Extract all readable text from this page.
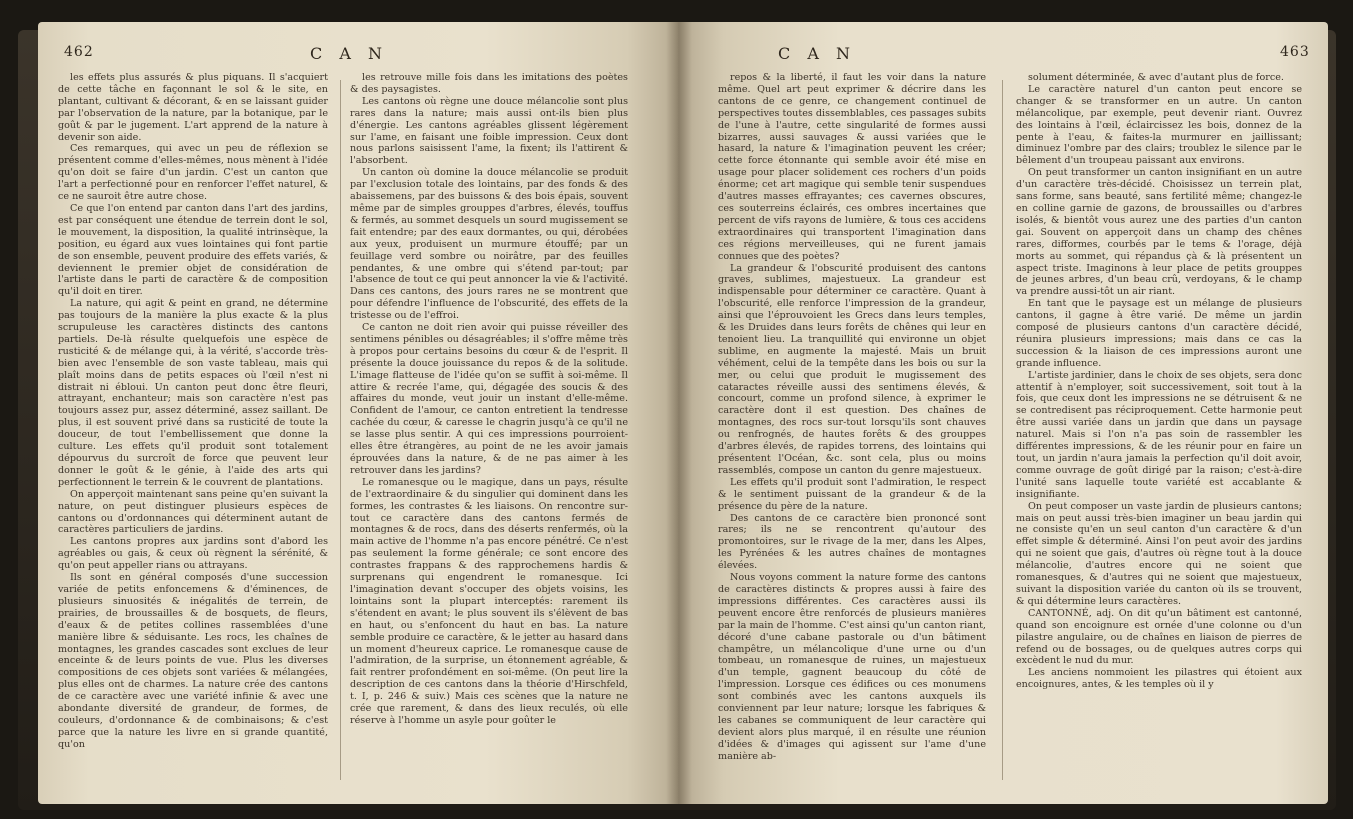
462	C A N

les effets plus assurés & plus piquans. Il s'acquiert de cette tâche en façonnant le sol & le site, en plantant, cultivant & décorant, & en se laissant guider par l'observation de la nature, par la botanique, par le goût & par le jugement. L'art apprend de la nature à devenir son aide.

Ces remarques, qui avec un peu de réflexion se présentent comme d'elles-mêmes, nous mènent à l'idée qu'on doit se faire d'un jardin. C'est un canton que l'art a perfectionné pour en renforcer l'effet naturel, & ce ne sauroit être autre chose.

Ce que l'on entend par canton dans l'art des jardins, est par conséquent une étendue de terrein dont le sol, le mouvement, la disposition, la qualité intrinsèque, la position, eu égard aux vues lointaines qui font partie de son ensemble, peuvent produire des effets variés, & deviennent le premier objet de considération de l'artiste dans le parti de caractère & de composition qu'il doit en tirer.

La nature, qui agit & peint en grand, ne détermine pas toujours de la manière la plus exacte & la plus scrupuleuse les caractères distincts des cantons partiels. De-là résulte quelquefois une espèce de rusticité & de mélange qui, à la vérité, s'accorde très-bien avec l'ensemble de son vaste tableau, mais qui plaît moins dans de petits espaces où l'œil n'est ni distrait ni ébloui. Un canton peut donc être fleuri, attrayant, enchanteur; mais son caractère n'est pas toujours assez pur, assez déterminé, assez saillant. De plus, il est souvent privé dans sa rusticité de toute la douceur, de tout l'embellissement que donne la culture. Les effets qu'il produit sont totalement dépourvus du surcroît de force que peuvent leur donner le goût & le génie, à l'aide des arts qui perfectionnent le terrein & le couvrent de plantations.

On apperçoit maintenant sans peine qu'en suivant la nature, on peut distinguer plusieurs espèces de cantons ou d'ordonnances qui déterminent autant de caractères particuliers de jardins.

Les cantons propres aux jardins sont d'abord les agréables ou gais, & ceux où règnent la sérénité, & qu'on peut appeller rians ou attrayans.

Ils sont en général composés d'une succession variée de petits enfoncemens & d'éminences, de plusieurs sinuosités & inégalités de terrein, de prairies, de broussailles & de bosquets, de fleurs, d'eaux & de petites collines rassemblées d'une manière libre & séduisante. Les rocs, les chaînes de montagnes, les grandes cascades sont exclues de leur enceinte & de leurs points de vue. Plus les diverses compositions de ces objets sont variées & mélangées, plus elles ont de charmes. La nature crée des cantons de ce caractère avec une variété infinie & avec une abondante diversité de grandeur, de formes, de couleurs, d'ordonnance & de combinaisons; & c'est parce que la nature les livre en si grande quantité, qu'on

les retrouve mille fois dans les imitations des poètes & des paysagistes.

Les cantons où règne une douce mélancolie sont plus rares dans la nature; mais aussi ont-ils bien plus d'énergie. Les cantons agréables glissent légèrement sur l'ame, en faisant une foible impression. Ceux dont nous parlons saisissent l'ame, la fixent; ils l'attirent & l'absorbent.

Un canton où domine la douce mélancolie se produit par l'exclusion totale des lointains, par des fonds & des abaissemens, par des buissons & des bois épais, souvent même par de simples grouppes d'arbres, élevés, touffus & fermés, au sommet desquels un sourd mugissement se fait entendre; par des eaux dormantes, ou qui, dérobées aux yeux, produisent un murmure étouffé; par un feuillage verd sombre ou noirâtre, par des feuilles pendantes, & une ombre qui s'étend par-tout; par l'absence de tout ce qui peut annoncer la vie & l'activité. Dans ces cantons, des jours rares ne se montrent que pour défendre l'influence de l'obscurité, des effets de la tristesse ou de l'effroi.

Ce canton ne doit rien avoir qui puisse réveiller des sentimens pénibles ou désagréables; il s'offre même très à propos pour certains besoins du cœur & de l'esprit. Il présente la douce jouissance du repos & de la solitude. L'image flatteuse de l'idée qu'on se suffit à soi-même. Il attire & recrée l'ame, qui, dégagée des soucis & des affaires du monde, veut jouir un instant d'elle-même. Confident de l'amour, ce canton entretient la tendresse cachée du cœur, & caresse le chagrin jusqu'à ce qu'il ne se lasse plus sentir. A qui ces impressions pourroient-elles être étrangères, au point de ne les avoir jamais éprouvées dans la nature, & de ne pas aimer à les retrouver dans les jardins?

Le romanesque ou le magique, dans un pays, résulte de l'extraordinaire & du singulier qui dominent dans les formes, les contrastes & les liaisons. On rencontre sur-tout ce caractère dans des cantons fermés de montagnes & de rocs, dans des déserts renfermés, où la main active de l'homme n'a pas encore pénétré. Ce n'est pas seulement la forme générale; ce sont encore des contrastes frappans & des rapprochemens hardis & surprenans qui engendrent le romanesque. Ici l'imagination devant s'occuper des objets voisins, les lointains sont la plupart interceptés: rarement ils s'étendent en avant; le plus souvent ils s'élèvent de bas en haut, ou s'enfoncent du haut en bas. La nature semble produire ce caractère, & le jetter au hasard dans un moment d'heureux caprice. Le romanesque cause de l'admiration, de la surprise, un étonnement agréable, & fait rentrer profondément en soi-même. (On peut lire la description de ces cantons dans la théorie d'Hirschfeld, t. I, p. 246 & suiv.) Mais ces scènes que la nature ne crée que rarement, & dans des lieux reculés, où elle réserve à l'homme un asyle pour goûter le

C A N	463

repos & la liberté, il faut les voir dans la nature même. Quel art peut exprimer & décrire dans les cantons de ce genre, ce changement continuel de perspectives toutes dissemblables, ces passages subits de l'une à l'autre, cette singularité de formes aussi bizarres, aussi sauvages & aussi variées que le hasard, la nature & l'imagination peuvent les créer; cette force étonnante qui semble avoir été mise en usage pour placer solidement ces rochers d'un poids énorme; cet art magique qui semble tenir suspendues d'autres masses effrayantes; ces cavernes obscures, ces souterreins éclairés, ces ombres incertaines que percent de vifs rayons de lumière, & tous ces accidens extraordinaires qui transportent l'imagination dans ces régions merveilleuses, qui ne furent jamais connues que des poètes?

La grandeur & l'obscurité produisent des cantons graves, sublimes, majestueux. La grandeur est indispensable pour déterminer ce caractère. Quant à l'obscurité, elle renforce l'impression de la grandeur, ainsi que l'éprouvoient les Grecs dans leurs temples, & les Druides dans leurs forêts de chênes qui leur en tenoient lieu. La tranquillité qui environne un objet sublime, en augmente la majesté. Mais un bruit véhément, celui de la tempête dans les bois ou sur la mer, ou celui que produit le mugissement des cataractes réveille aussi des sentimens élevés, & concourt, comme un profond silence, à exprimer le caractère dont il est question. Des chaînes de montagnes, des rocs sur-tout lorsqu'ils sont chauves ou renfrognés, de hautes forêts & des grouppes d'arbres élevés, de rapides torrens, des lointains qui présentent l'Océan, &c. sont cela, plus ou moins rassemblés, compose un canton du genre majestueux.

Les effets qu'il produit sont l'admiration, le respect & le sentiment puissant de la grandeur & de la présence du père de la nature.

Des cantons de ce caractère bien prononcé sont rares; ils ne se rencontrent qu'autour des promontoires, sur le rivage de la mer, dans les Alpes, les Pyrénées & les autres chaînes de montagnes élevées.

Nous voyons comment la nature forme des cantons de caractères distincts & propres aussi à faire des impressions différentes. Ces caractères aussi ils peuvent encore être renforcés de plusieurs manières par la main de l'homme. C'est ainsi qu'un canton riant, décoré d'une cabane pastorale ou d'un bâtiment champêtre, un mélancolique d'une urne ou d'un tombeau, un romanesque de ruines, un majestueux d'un temple, gagnent beaucoup du côté de l'impression. Lorsque ces édifices ou ces monumens sont combinés avec les cantons auxquels ils conviennent par leur nature; lorsque les fabriques & les cabanes se communiquent de leur caractère qui devient alors plus marqué, il en résulte une réunion d'idées & d'images qui agissent sur l'ame d'une manière ab-

solument déterminée, & avec d'autant plus de force.

Le caractère naturel d'un canton peut encore se changer & se transformer en un autre. Un canton mélancolique, par exemple, peut devenir riant. Ouvrez des lointains à l'œil, éclaircissez les bois, donnez de la pente à l'eau, & faites-la murmurer en jaillissant; diminuez l'ombre par des clairs; troublez le silence par le bêlement d'un troupeau paissant aux environs.

On peut transformer un canton insignifiant en un autre d'un caractère très-décidé. Choisissez un terrein plat, sans forme, sans beauté, sans fertilité même; changez-le en colline garnie de gazons, de broussailles ou d'arbres isolés, & bientôt vous aurez une des parties d'un canton gai. Souvent on apperçoit dans un champ des chênes rares, difformes, courbés par le tems & l'orage, déjà morts au sommet, qui répandus çà & là présentent un aspect triste. Imaginons à leur place de petits grouppes de jeunes arbres, d'un beau crû, verdoyans, & le champ va prendre aussi-tôt un air riant.

En tant que le paysage est un mélange de plusieurs cantons, il gagne à être varié. De même un jardin composé de plusieurs cantons d'un caractère décidé, réunira plusieurs impressions; mais dans ce cas la succession & la liaison de ces impressions auront une grande influence.

L'artiste jardinier, dans le choix de ses objets, sera donc attentif à n'employer, soit successivement, soit tout à la fois, que ceux dont les impressions ne se détruisent & ne se contredisent pas réciproquement. Cette harmonie peut être aussi variée dans un jardin que dans un paysage naturel. Mais si l'on n'a pas soin de rassembler les différentes impressions, & de les réunir pour en faire un tout, un jardin n'aura jamais la perfection qu'il doit avoir, comme ouvrage de goût dirigé par la raison; c'est-à-dire l'unité sans laquelle toute variété est accablante & insignifiante.

On peut composer un vaste jardin de plusieurs cantons; mais on peut aussi très-bien imaginer un beau jardin qui ne consiste qu'en un seul canton d'un caractère & d'un effet simple & déterminé. Ainsi l'on peut avoir des jardins qui ne soient que gais, d'autres où règne tout à la douce mélancolie, d'autres encore qui ne soient que romanesques, & d'autres qui ne soient que majestueux, suivant la disposition variée du canton où ils se trouvent, & qui détermine leurs caractères.

CANTONNÉ, adj. On dit qu'un bâtiment est cantonné, quand son encoignure est ornée d'une colonne ou d'un pilastre angulaire, ou de chaînes en liaison de pierres de refend ou de bossages, ou de quelques autres corps qui excèdent le nud du mur.

Les anciens nommoient les pilastres qui étoient aux encoignures, antes, & les temples où il y
